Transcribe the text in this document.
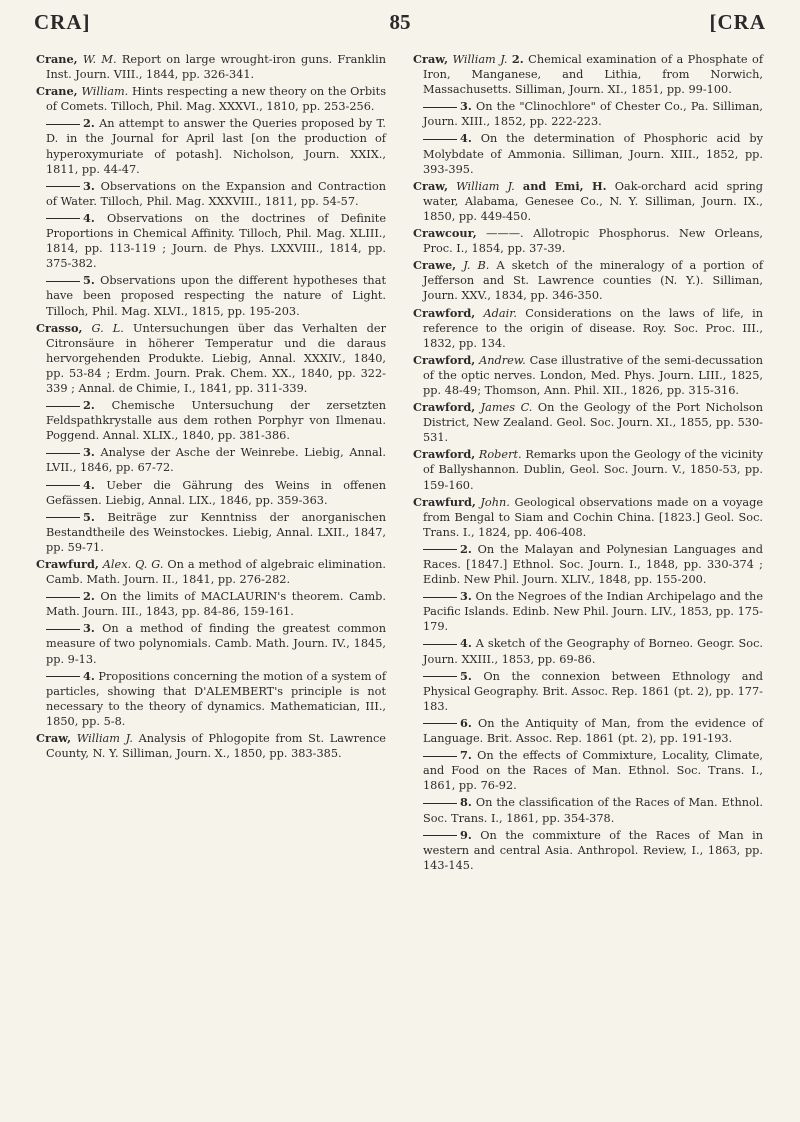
CRA]	85	[CRA

Crane, W. M. Report on large wrought-iron guns. Franklin Inst. Journ. VIII., 1844, pp. 326-341.

Crane, William. Hints respecting a new theory on the Orbits of Comets. Tilloch, Phil. Mag. XXXVI., 1810, pp. 253-256.

2. An attempt to answer the Queries proposed by T. D. in the Journal for April last [on the production of hyperoxymuriate of potash]. Nicholson, Journ. XXIX., 1811, pp. 44-47.

3. Observations on the Expansion and Contraction of Water. Tilloch, Phil. Mag. XXXVIII., 1811, pp. 54-57.

4. Observations on the doctrines of Definite Proportions in Chemical Affinity. Tilloch, Phil. Mag. XLIII., 1814, pp. 113-119 ; Journ. de Phys. LXXVIII., 1814, pp. 375-382.

5. Observations upon the different hypotheses that have been proposed respecting the nature of Light. Tilloch, Phil. Mag. XLVI., 1815, pp. 195-203.

Crasso, G. L. Untersuchungen über das Verhalten der Citronsäure in höherer Temperatur und die daraus hervorgehenden Produkte. Liebig, Annal. XXXIV., 1840, pp. 53-84 ; Erdm. Journ. Prak. Chem. XX., 1840, pp. 322-339 ; Annal. de Chimie, I., 1841, pp. 311-339.

2. Chemische Untersuchung der zersetzten Feldspathkrystalle aus dem rothen Porphyr von Ilmenau. Poggend. Annal. XLIX., 1840, pp. 381-386.

3. Analyse der Asche der Weinrebe. Liebig, Annal. LVII., 1846, pp. 67-72.

4. Ueber die Gährung des Weins in offenen Gefässen. Liebig, Annal. LIX., 1846, pp. 359-363.

5. Beiträge zur Kenntniss der anorganischen Bestandtheile des Weinstockes. Liebig, Annal. LXII., 1847, pp. 59-71.

Crawfurd, Alex. Q. G. On a method of algebraic elimination. Camb. Math. Journ. II., 1841, pp. 276-282.

2. On the limits of MACLAURIN's theorem. Camb. Math. Journ. III., 1843, pp. 84-86, 159-161.

3. On a method of finding the greatest common measure of two polynomials. Camb. Math. Journ. IV., 1845, pp. 9-13.

4. Propositions concerning the motion of a system of particles, showing that D'ALEMBERT's principle is not necessary to the theory of dynamics. Mathematician, III., 1850, pp. 5-8.

Craw, William J. Analysis of Phlogopite from St. Lawrence County, N. Y. Silliman, Journ. X., 1850, pp. 383-385.

Craw, William J. 2. Chemical examination of a Phosphate of Iron, Manganese, and Lithia, from Norwich, Massachusetts. Silliman, Journ. XI., 1851, pp. 99-100.

3. On the "Clinochlore" of Chester Co., Pa. Silliman, Journ. XIII., 1852, pp. 222-223.

4. On the determination of Phosphoric acid by Molybdate of Ammonia. Silliman, Journ. XIII., 1852, pp. 393-395.

Craw, William J. and Emi, H. Oak-orchard acid spring water, Alabama, Genesee Co., N. Y. Silliman, Journ. IX., 1850, pp. 449-450.

Crawcour, ———. Allotropic Phosphorus. New Orleans, Proc. I., 1854, pp. 37-39.

Crawe, J. B. A sketch of the mineralogy of a portion of Jefferson and St. Lawrence counties (N. Y.). Silliman, Journ. XXV., 1834, pp. 346-350.

Crawford, Adair. Considerations on the laws of life, in reference to the origin of disease. Roy. Soc. Proc. III., 1832, pp. 134.

Crawford, Andrew. Case illustrative of the semi-decussation of the optic nerves. London, Med. Phys. Journ. LIII., 1825, pp. 48-49; Thomson, Ann. Phil. XII., 1826, pp. 315-316.

Crawford, James C. On the Geology of the Port Nicholson District, New Zealand. Geol. Soc. Journ. XI., 1855, pp. 530-531.

Crawford, Robert. Remarks upon the Geology of the vicinity of Ballyshannon. Dublin, Geol. Soc. Journ. V., 1850-53, pp. 159-160.

Crawfurd, John. Geological observations made on a voyage from Bengal to Siam and Cochin China. [1823.] Geol. Soc. Trans. I., 1824, pp. 406-408.

2. On the Malayan and Polynesian Languages and Races. [1847.] Ethnol. Soc. Journ. I., 1848, pp. 330-374 ; Edinb. New Phil. Journ. XLIV., 1848, pp. 155-200.

3. On the Negroes of the Indian Archipelago and the Pacific Islands. Edinb. New Phil. Journ. LIV., 1853, pp. 175-179.

4. A sketch of the Geography of Borneo. Geogr. Soc. Journ. XXIII., 1853, pp. 69-86.

5. On the connexion between Ethnology and Physical Geography. Brit. Assoc. Rep. 1861 (pt. 2), pp. 177-183.

6. On the Antiquity of Man, from the evidence of Language. Brit. Assoc. Rep. 1861 (pt. 2), pp. 191-193.

7. On the effects of Commixture, Locality, Climate, and Food on the Races of Man. Ethnol. Soc. Trans. I., 1861, pp. 76-92.

8. On the classification of the Races of Man. Ethnol. Soc. Trans. I., 1861, pp. 354-378.

9. On the commixture of the Races of Man in western and central Asia. Anthropol. Review, I., 1863, pp. 143-145.
